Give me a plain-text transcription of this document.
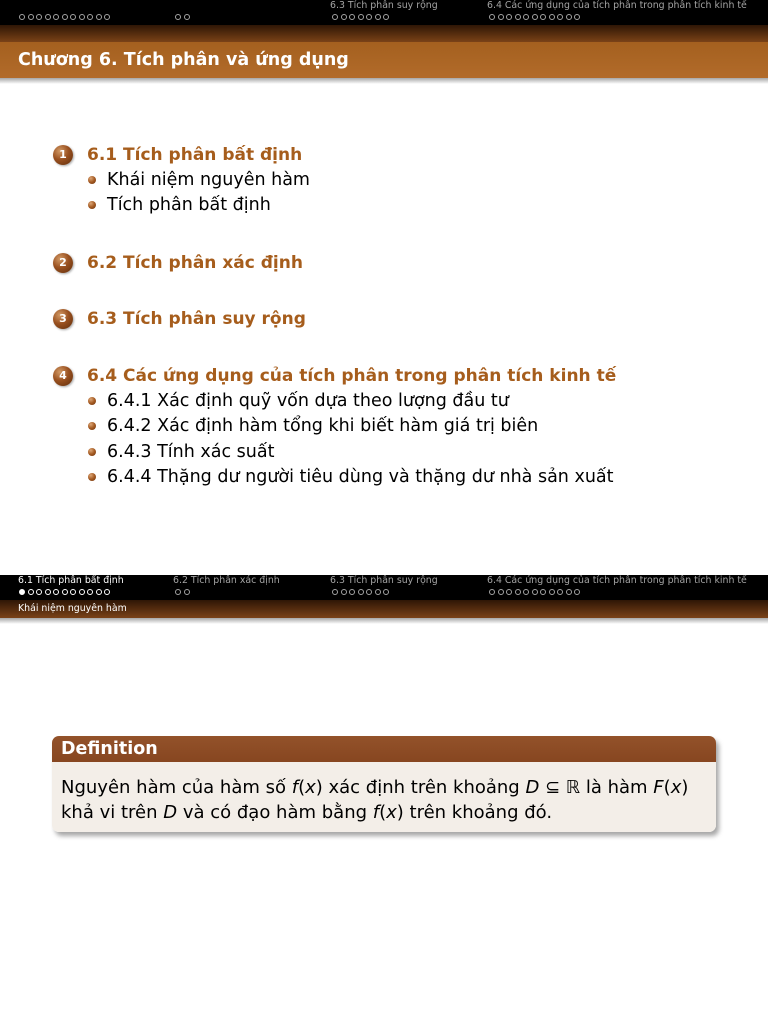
6.3 Tích phân suy rộng	6.4 Các ứng dụng của tích phân trong phân tích kinh tế
Chương 6. Tích phân và ứng dụng
1	6.1 Tích phân bất định
Khái niệm nguyên hàm
Tích phân bất định
2	6.2 Tích phân xác định
3	6.3 Tích phân suy rộng
4	6.4 Các ứng dụng của tích phân trong phân tích kinh tế
6.4.1 Xác định quỹ vốn dựa theo lượng đầu tư
6.4.2 Xác định hàm tổng khi biết hàm giá trị biên
6.4.3 Tính xác suất
6.4.4 Thặng dư người tiêu dùng và thặng dư nhà sản xuất
6.1 Tích phân bất định	6.2 Tích phân xác định	6.3 Tích phân suy rộng	6.4 Các ứng dụng của tích phân trong phân tích kinh tế
Khái niệm nguyên hàm
Definition
Nguyên hàm của hàm số f(x) xác định trên khoảng D ⊆ ℝ là hàm F(x)
khả vi trên D và có đạo hàm bằng f(x) trên khoảng đó.
